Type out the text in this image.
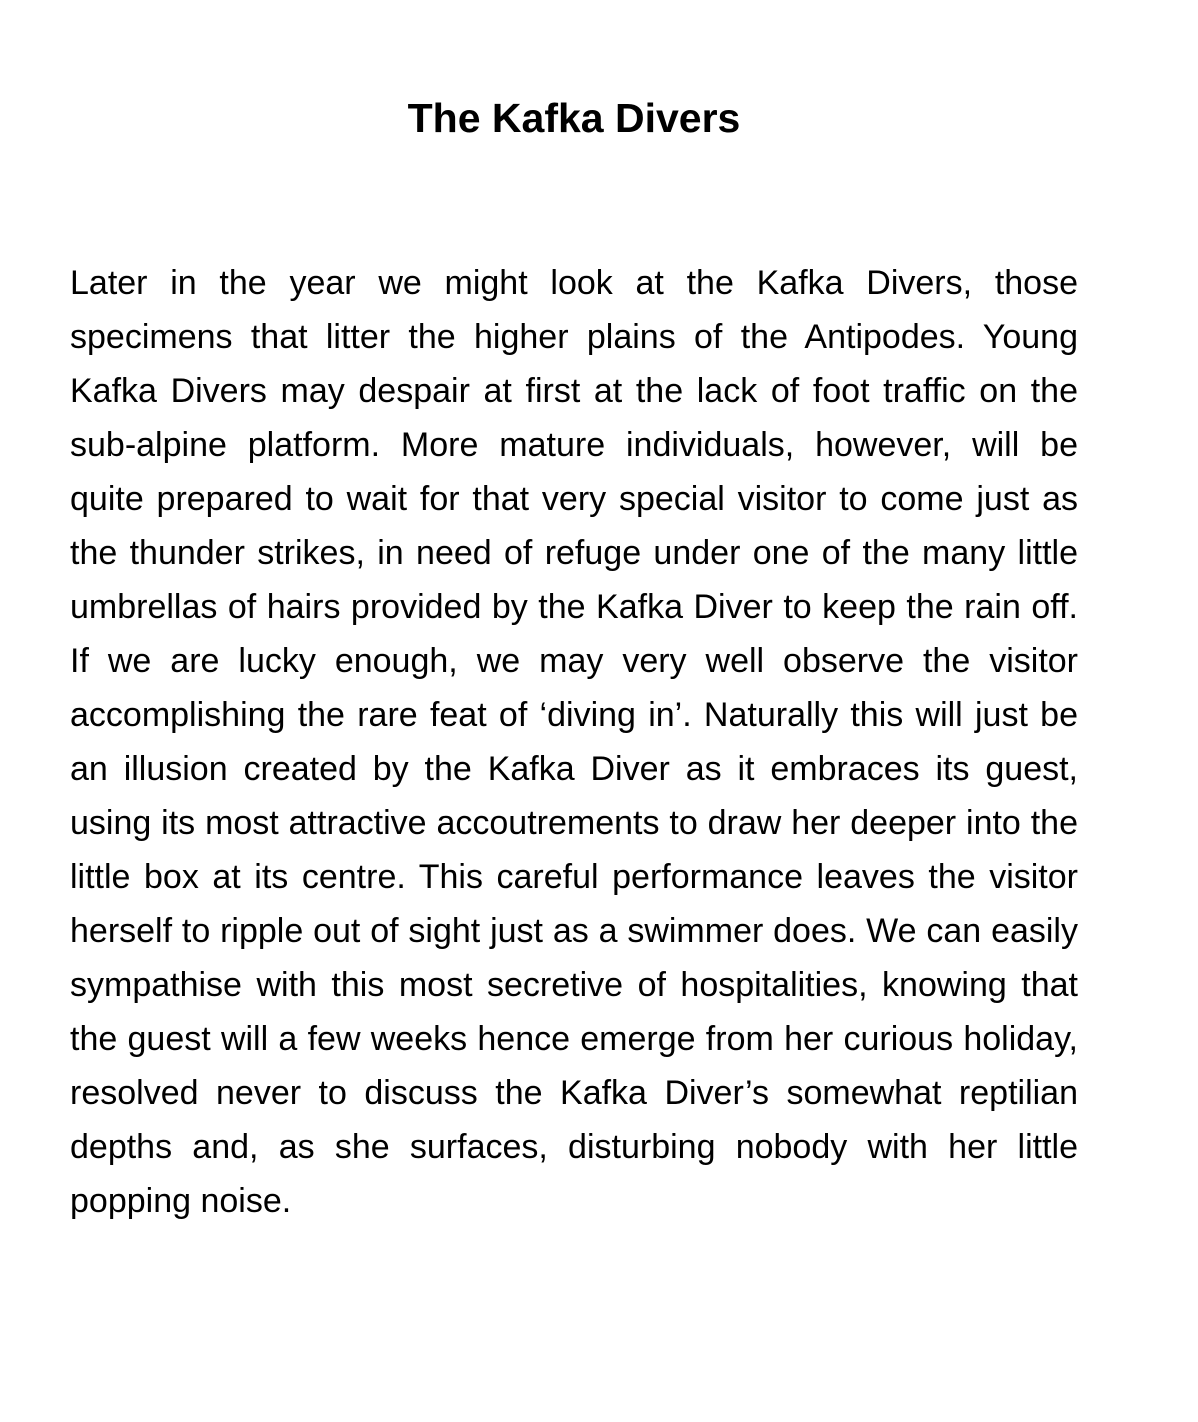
The Kafka Divers

Later in the year we might look at the Kafka Divers, those specimens that litter the higher plains of the Antipodes. Young Kafka Divers may despair at first at the lack of foot traffic on the sub-alpine platform. More mature individuals, however, will be quite prepared to wait for that very special visitor to come just as the thunder strikes, in need of refuge under one of the many little umbrellas of hairs provided by the Kafka Diver to keep the rain off. If we are lucky enough, we may very well observe the visitor accomplishing the rare feat of ‘diving in’. Naturally this will just be an illusion created by the Kafka Diver as it embraces its guest, using its most attractive accoutrements to draw her deeper into the little box at its centre. This careful performance leaves the visitor herself to ripple out of sight just as a swimmer does. We can easily sympathise with this most secretive of hospitalities, knowing that the guest will a few weeks hence emerge from her curious holiday, resolved never to discuss the Kafka Diver’s somewhat reptilian depths and, as she surfaces, disturbing nobody with her little popping noise.
